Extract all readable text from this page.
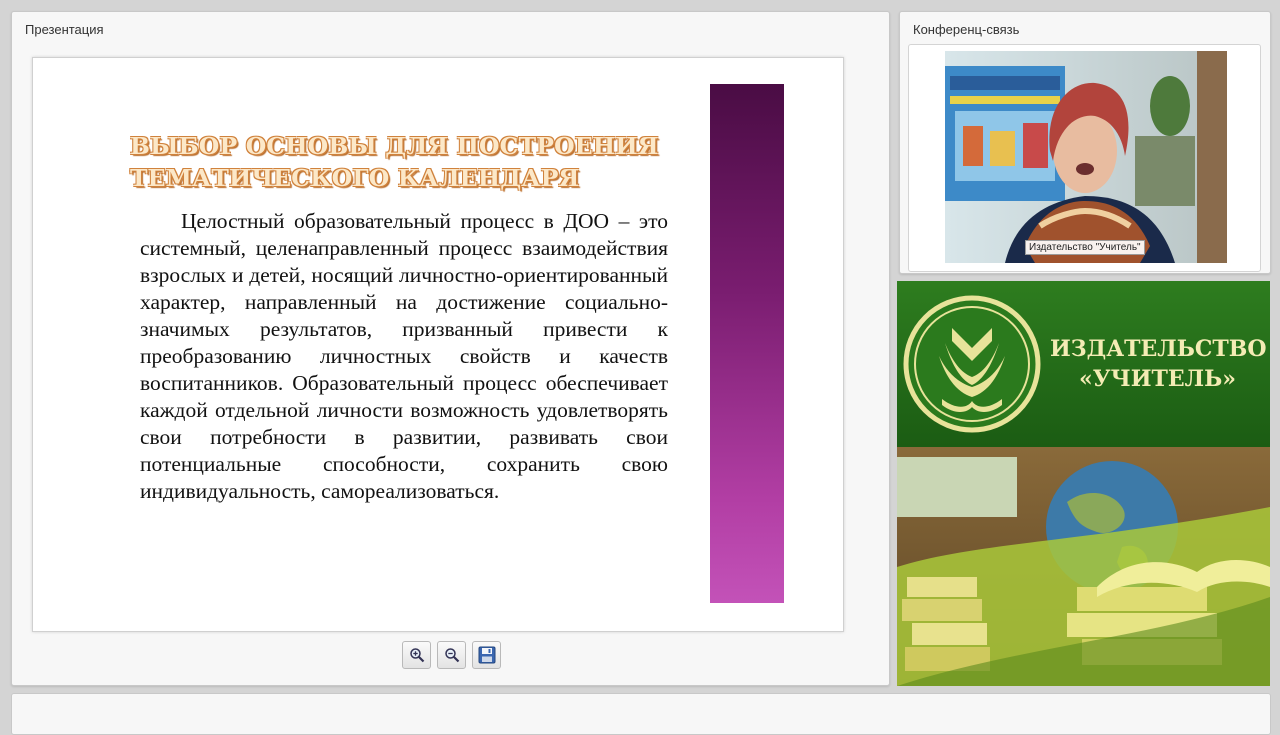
Презентация
ВЫБОР ОСНОВЫ ДЛЯ ПОСТРОЕНИЯ ТЕМАТИЧЕСКОГО КАЛЕНДАРЯ

Целостный образовательный процесс в ДОО – это системный, целенаправленный процесс взаимодействия взрослых и детей, носящий личностно-ориентированный характер, направленный на достижение социально-значимых результатов, призванный привести к преобразованию личностных свойств и качеств воспитанников. Образовательный процесс обеспечивает каждой отдельной личности возможность удовлетворять свои потребности в развитии, развивать свои потенциальные способности, сохранить свою индивидуальность, самореализоваться.

Конференц-связь
Издательство "Учитель"
ИЗДАТЕЛЬСТВО
«УЧИТЕЛЬ»
